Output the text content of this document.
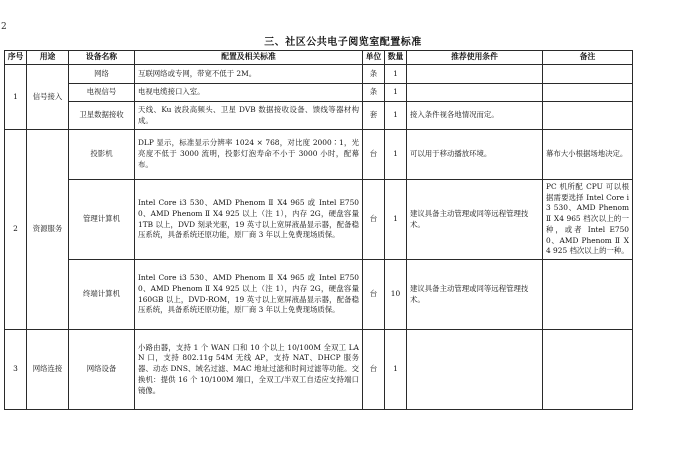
2
三、社区公共电子阅览室配置标准
序号	用途	设备名称	配置及相关标准	单位	数量	推荐使用条件	备注
1	信号接入	网络	互联网络或专网，带宽不低于 2M。	条	1		
		电视信号	电视电缆接口入室。	条	1		
		卫星数据接收	天线、Ku 波段高频头、卫星 DVB 数据接收设备、馈线等器材构成。	套	1	接入条件视各地情况而定。	
2	资源服务	投影机	DLP 显示，标准显示分辨率 1024 × 768，对比度 2000∶1，光亮度不低于 3000 流明，投影灯泡寿命不小于 3000 小时，配幕布。	台	1	可以用于移动播放环境。	幕布大小根据场地决定。
		管理计算机	Intel Core i3 530、AMD Phenom Ⅱ X4 965 或 Intel E7500、AMD Phenom Ⅱ X4 925 以上（注 1），内存 2G，硬盘容量 1TB 以上，DVD 刻录光驱，19 英寸以上宽屏液晶显示器，配备稳压系统，具备系统还原功能，原厂商 3 年以上免费现场质保。	台	1	建议具备主动管理或同等远程管理技术。	PC 机所配 CPU 可以根据需要选择 Intel Core i3 530、AMD Phenom Ⅱ X4 965 档次以上的一种，或者 Intel E7500、AMD Phenom Ⅱ X4 925 档次以上的一种。
		终端计算机	Intel Core i3 530、AMD Phenom Ⅱ X4 965 或 Intel E7500、AMD Phenom Ⅱ X4 925 以上（注 1），内存 2G，硬盘容量 160GB 以上，DVD-ROM，19 英寸以上宽屏液晶显示器，配备稳压系统，具备系统还原功能，原厂商 3 年以上免费现场质保。	台	10	建议具备主动管理或同等远程管理技术。	
3	网络连接	网络设备	小路由器，支持 1 个 WAN 口和 10 个以上 10/100M 全双工 LAN 口，支持 802.11g 54M 无线 AP，支持 NAT、DHCP 服务器、动态 DNS、域名过滤、MAC 地址过滤和时间过滤等功能。交换机：提供 16 个 10/100M 端口，全双工/半双工自适应支持端口镜像。	台	1		
